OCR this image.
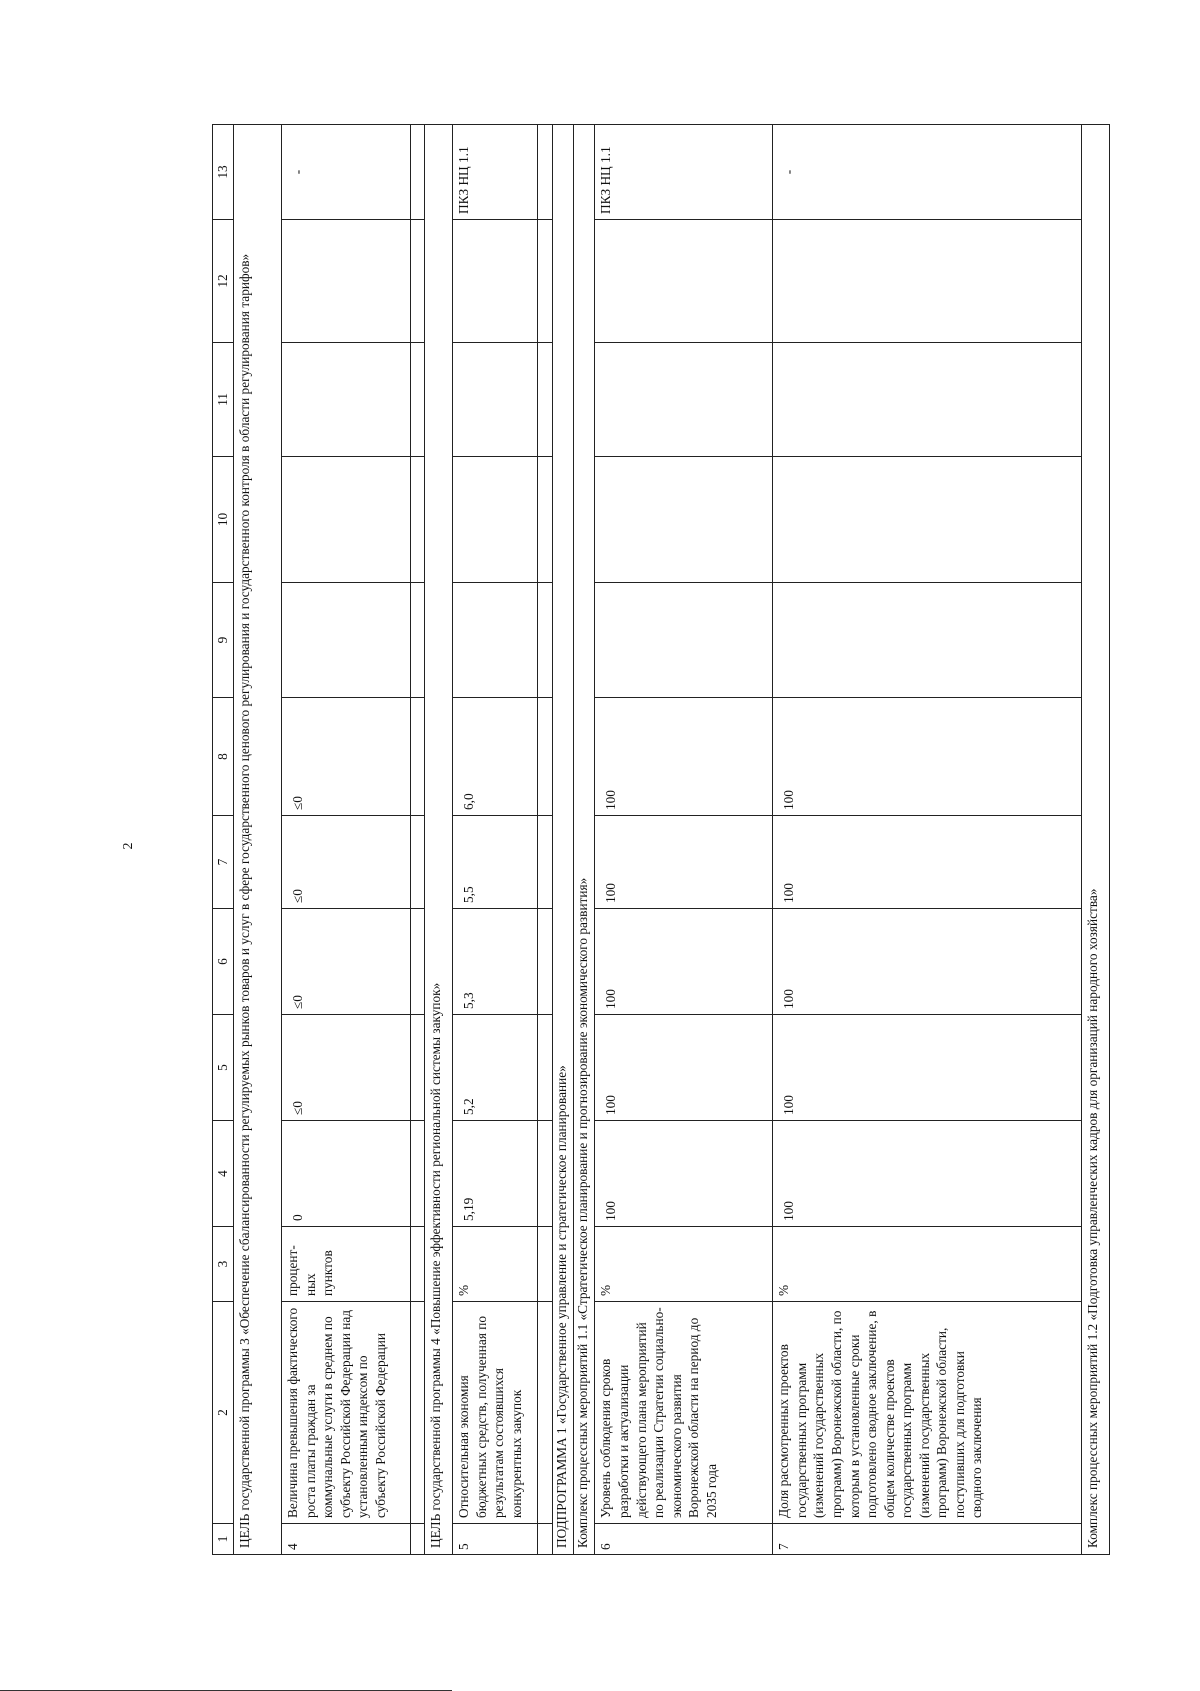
2
1	2	3	4	5	6	7	8	9	10	11	12	13
ЦЕЛЬ государственной программы 3 «Обеспечение сбалансированности регулируемых рынков товаров и услуг в сфере государственного ценового регулирования и государственного контроля в области регулирования тарифов»												
4	Величина превышения фактического роста платы граждан за коммунальные услуги в среднем по субъекту Российской Федерации над установленным индексом по субъекту Российской Федерации	процент-ных пунктов	0	≤0	≤0	≤0	≤0					-

ЦЕЛЬ государственной программы 4 «Повышение эффективности региональной системы закупок»												
5	Относительная экономия бюджетных средств, полученная по результатам состоявшихся конкурентных закупок	%	5,19	5,2	5,3	5,5	6,0					ПКЗ НЦ 1.1

ПОДПРОГРАММА 1 «Государственное управление и стратегическое планирование»												
Комплекс процессных мероприятий 1.1 «Стратегическое планирование и прогнозирование экономического развития»												
6	Уровень соблюдения сроков разработки и актуализации действующего плана мероприятий по реализации Стратегии социально-экономического развития Воронежской области на период до 2035 года	%	100	100	100	100	100					ПКЗ НЦ 1.1
7	Доля рассмотренных проектов государственных программ (изменений государственных программ) Воронежской области, по которым в установленные сроки подготовлено сводное заключение, в общем количестве проектов государственных программ (изменений государственных программ) Воронежской области, поступивших для подготовки сводного заключения	%	100	100	100	100	100					-
Комплекс процессных мероприятий 1.2 «Подготовка управленческих кадров для организаций народного хозяйства»												
